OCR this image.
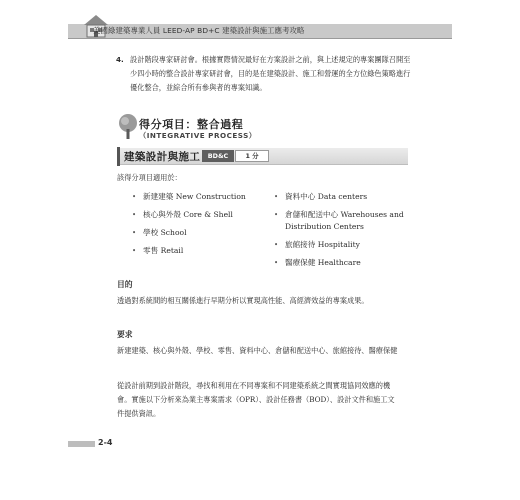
美國綠建築專業人員 LEED-AP BD+C 建築設計與施工應考攻略
4. 設計階段專家研討會。根據實際情況最好在方案設計之前，與上述規定的專案團隊召開至少四小時的整合設計專家研討會，目的是在建築設計、施工和營運的全方位綠色策略進行優化整合，並綜合所有參與者的專案知識。
得分項目：整合過程
（INTEGRATIVE PROCESS）
建築設計與施工	BD&C	1 分
該得分項目適用於：
• 新建建築 New Construction
• 核心與外殼 Core & Shell
• 學校 School
• 零售 Retail
• 資料中心 Data centers
• 倉儲和配送中心 Warehouses and Distribution Centers
• 旅館接待 Hospitality
• 醫療保健 Healthcare
目的
透過對系統間的相互關係進行早期分析以實現高性能、高經濟效益的專案成果。
要求
新建建築、核心與外殼、學校、零售、資料中心、倉儲和配送中心、旅館接待、醫療保健
從設計前期到設計階段，尋找和利用在不同專案和不同建築系統之間實現協同效應的機會。實施以下分析來為業主專案需求（OPR）、設計任務書（BOD）、設計文件和施工文件提供資訊。
2-4
